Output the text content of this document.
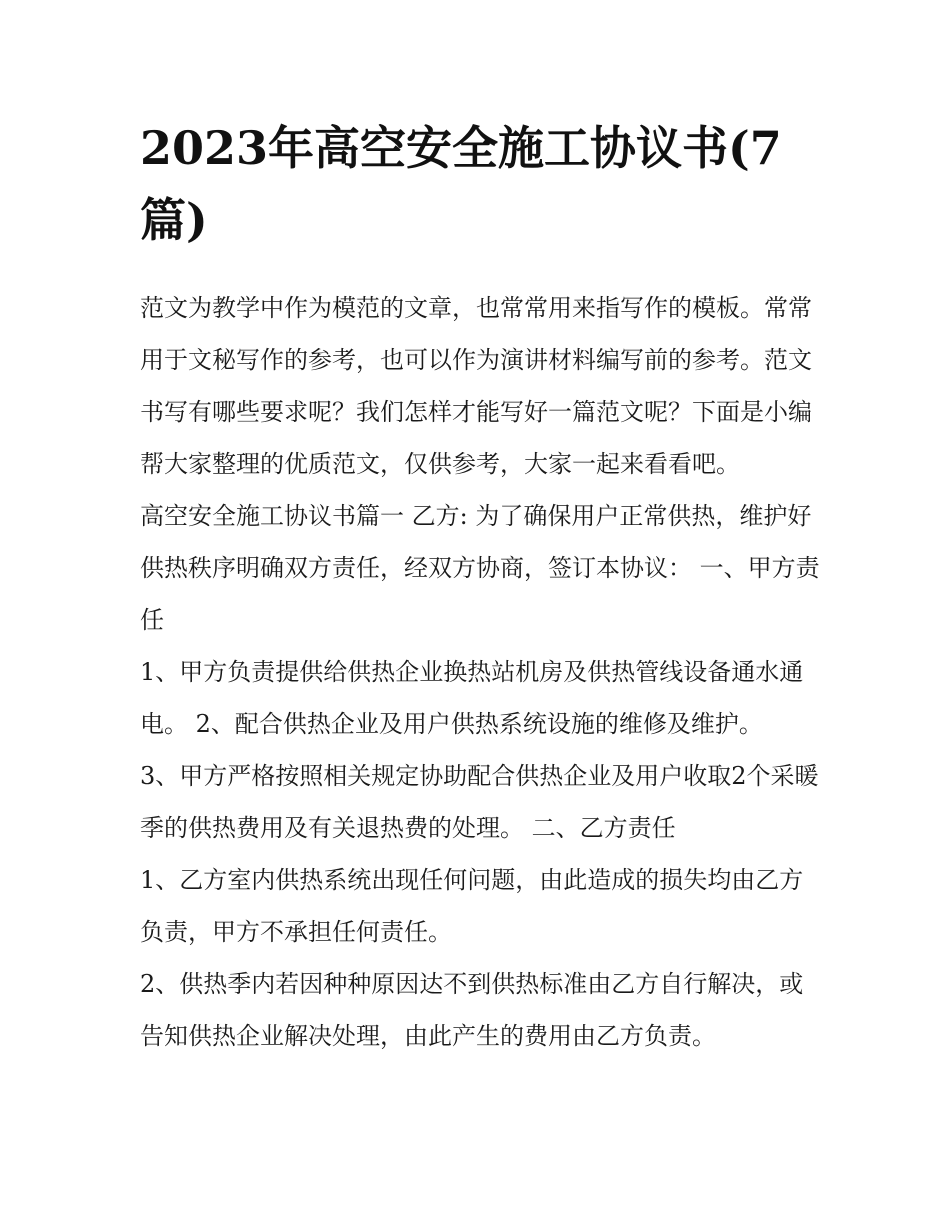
2023年高空安全施工协议书(7篇)

范文为教学中作为模范的文章，也常常用来指写作的模板。常常用于文秘写作的参考，也可以作为演讲材料编写前的参考。范文书写有哪些要求呢？我们怎样才能写好一篇范文呢？下面是小编帮大家整理的优质范文，仅供参考，大家一起来看看吧。

高空安全施工协议书篇一 乙方: 为了确保用户正常供热，维护好供热秩序明确双方责任，经双方协商，签订本协议： 一、甲方责任

1、甲方负责提供给供热企业换热站机房及供热管线设备通水通电。 2、配合供热企业及用户供热系统设施的维修及维护。

3、甲方严格按照相关规定协助配合供热企业及用户收取2个采暖季的供热费用及有关退热费的处理。 二、乙方责任

1、乙方室内供热系统出现任何问题，由此造成的损失均由乙方负责，甲方不承担任何责任。

2、供热季内若因种种原因达不到供热标准由乙方自行解决，或告知供热企业解决处理，由此产生的费用由乙方负责。
